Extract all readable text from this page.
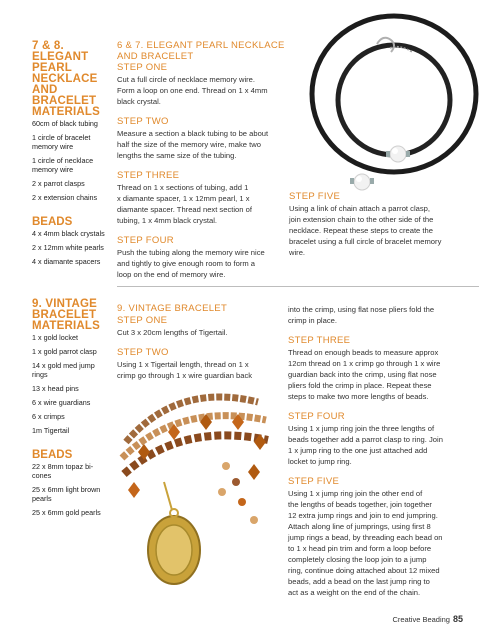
7 & 8.
ELEGANT PEARL
NECKLACE AND
BRACELET
MATERIALS
60cm of black tubing
1 circle of bracelet memory wire
1 circle of necklace memory wire
2 x parrot clasps
2 x extension chains
BEADS
4 x 4mm black crystals
2 x 12mm white pearls
4 x diamante spacers
6 & 7. ELEGANT PEARL NECKLACE
AND BRACELET
STEP ONE
Cut a full circle of necklace memory wire.
Form a loop on one end. Thread on 1 x 4mm
black crystal.
STEP TWO
Measure a section a black tubing to be about
half the size of the memory wire, make two
lengths the same size of the tubing.
STEP THREE
Thread on 1 x sections of tubing, add 1
x diamante spacer, 1 x 12mm pearl, 1 x
diamante spacer. Thread next section of
tubing, 1 x 4mm black crystal.
STEP FOUR
Push the tubing along the memory wire nice
and tightly to give enough room to form a
loop on the end of memory wire.
STEP FIVE
Using a link of chain attach a parrot clasp,
join extension chain to the other side of the
necklace. Repeat these steps to create the
bracelet using a full circle of bracelet memory
wire.
9. VINTAGE
BRACELET
MATERIALS
1 x gold locket
1 x gold parrot clasp
14 x gold med jump rings
13 x head pins
6 x wire guardians
6 x crimps
1m Tigertail
BEADS
22 x 8mm topaz bi-cones
25 x 6mm light brown pearls
25 x 6mm gold pearls
9. VINTAGE BRACELET
STEP ONE
Cut 3 x 20cm lengths of Tigertail.
STEP TWO
Using 1 x Tigertail length, thread on 1 x
crimp go through 1 x wire guardian back
into the crimp, using flat nose pliers fold the
crimp in place.
STEP THREE
Thread on enough beads to measure approx
12cm thread on 1 x crimp go through 1 x wire
guardian back into the crimp, using flat nose
pliers fold the crimp in place. Repeat these
steps to make two more lengths of beads.
STEP FOUR
Using 1 x jump ring join the three lengths of
beads together add a parrot clasp to ring. Join
1 x jump ring to the one just attached add
locket to jump ring.
STEP FIVE
Using 1 x jump ring join the other end of
the lengths of beads together, join together
12 extra jump rings and join to end jumpring.
Attach along line of jumprings, using first 8
jump rings a bead, by threading each bead on
to 1 x head pin trim and form a loop before
completely closing the loop join to a jump
ring, continue doing attached about 12 mixed
beads, add a bead on the last jump ring to
act as a weight on the end of the chain.
Creative Beading 85
